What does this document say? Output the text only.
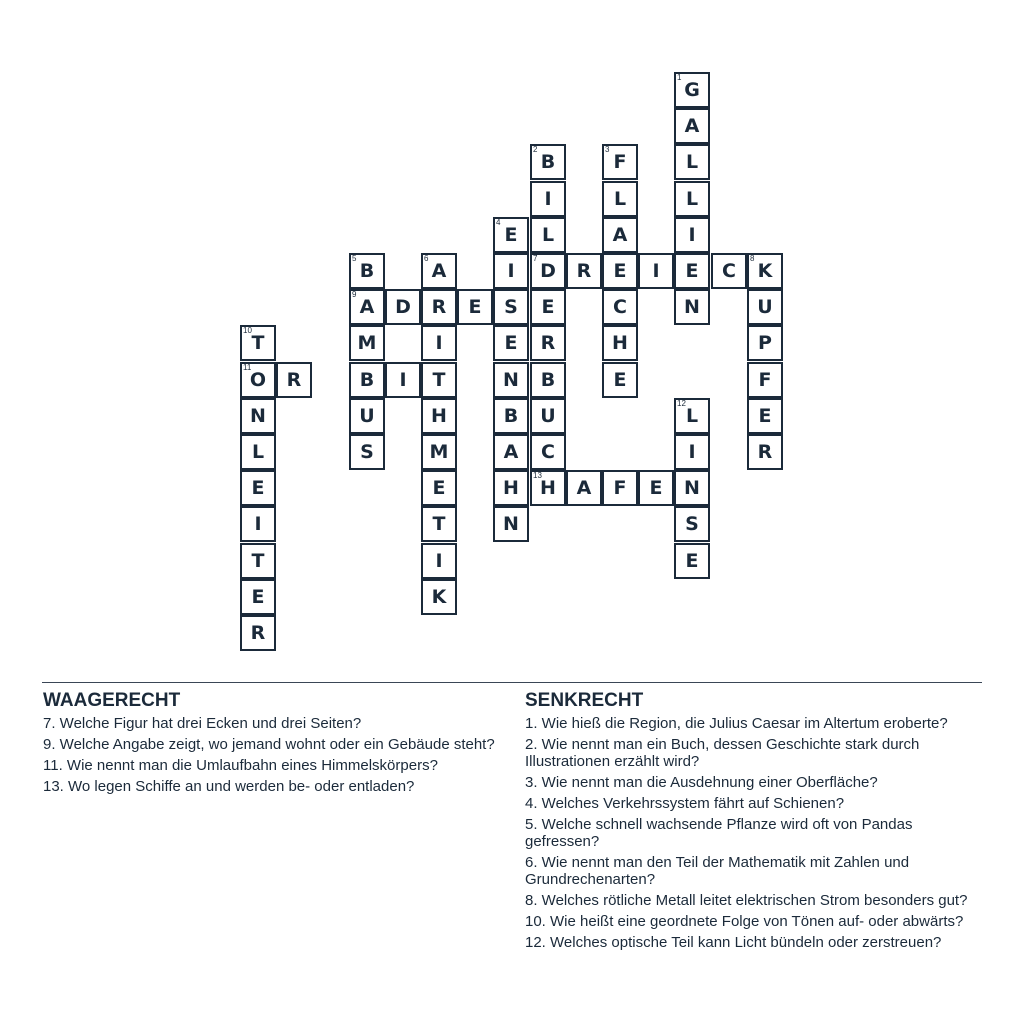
1
G
A
2
B
3
F	L
I	L	L
4
E L	A	I
5
B
6
A	I
7
D R E I E C
8
K
9
A D R E S E	C	N	U
10
T	M	I	E R	H	P
11
O R	B I T	N B	E	F
N	U	H	B U
12
L	E
L	S	M	A C	I	R
E	E	H
13
H A F E N
I	T	N	S
T	I	E
E	K
R
WAAGERECHT
7. Welche Figur hat drei Ecken und drei Seiten?
9. Welche Angabe zeigt, wo jemand wohnt oder ein Gebäude steht?
11. Wie nennt man die Umlaufbahn eines Himmelskörpers?
13. Wo legen Schiffe an und werden be- oder entladen?
SENKRECHT
1. Wie hieß die Region, die Julius Caesar im Altertum eroberte?
2. Wie nennt man ein Buch, dessen Geschichte stark durch Illustrationen erzählt wird?
3. Wie nennt man die Ausdehnung einer Oberfläche?
4. Welches Verkehrssystem fährt auf Schienen?
5. Welche schnell wachsende Pflanze wird oft von Pandas gefressen?
6. Wie nennt man den Teil der Mathematik mit Zahlen und Grundrechenarten?
8. Welches rötliche Metall leitet elektrischen Strom besonders gut?
10. Wie heißt eine geordnete Folge von Tönen auf- oder abwärts?
12. Welches optische Teil kann Licht bündeln oder zerstreuen?
